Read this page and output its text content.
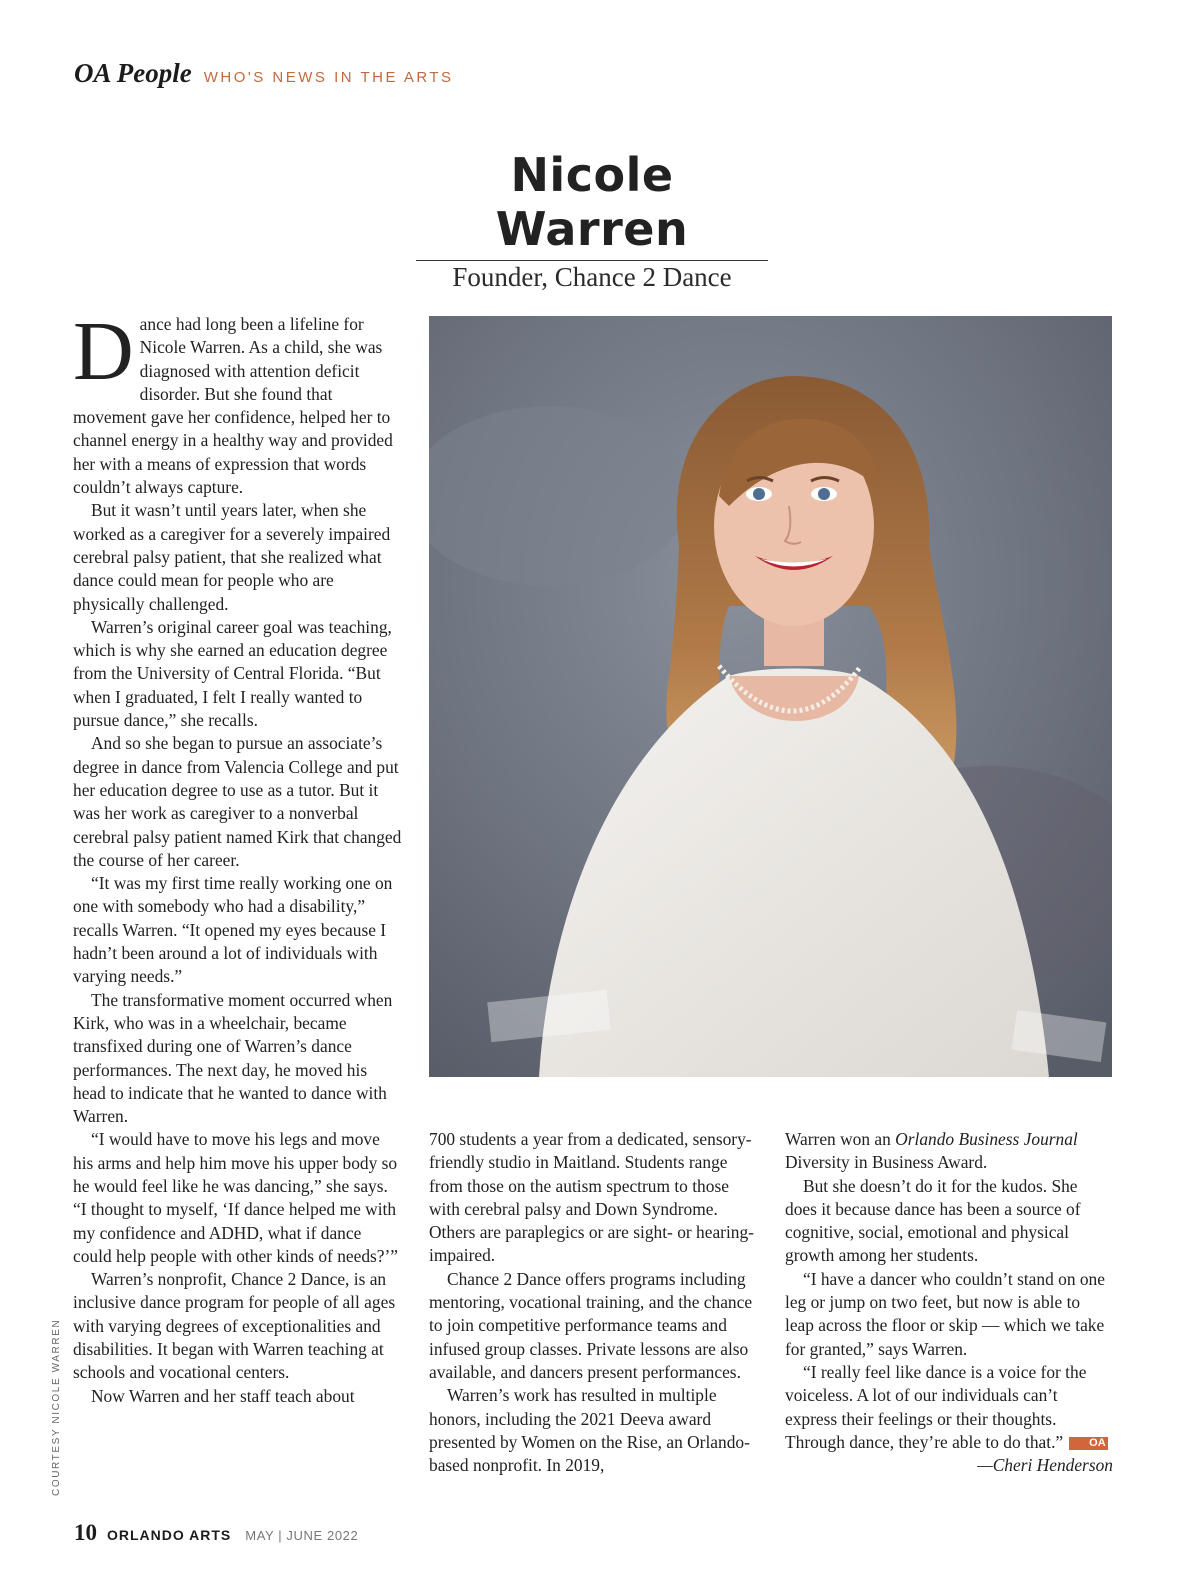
OA People WHO'S NEWS IN THE ARTS
Nicole Warren
Founder, Chance 2 Dance

Dance had long been a lifeline for Nicole Warren. As a child, she was diagnosed with attention deficit disorder. But she found that movement gave her confidence, helped her to channel energy in a healthy way and provided her with a means of expression that words couldn’t always capture.

But it wasn’t until years later, when she worked as a caregiver for a severely impaired cerebral palsy patient, that she realized what dance could mean for people who are physically challenged.

Warren’s original career goal was teaching, which is why she earned an education degree from the University of Central Florida. “But when I graduated, I felt I really wanted to pursue dance,” she recalls.

And so she began to pursue an associate’s degree in dance from Valencia College and put her education degree to use as a tutor. But it was her work as caregiver to a nonverbal cerebral palsy patient named Kirk that changed the course of her career.

“It was my first time really working one on one with somebody who had a disability,” recalls Warren. “It opened my eyes because I hadn’t been around a lot of individuals with varying needs.”

The transformative moment occurred when Kirk, who was in a wheelchair, became transfixed during one of Warren’s dance performances. The next day, he moved his head to indicate that he wanted to dance with Warren.

“I would have to move his legs and move his arms and help him move his upper body so he would feel like he was dancing,” she says. “I thought to myself, ‘If dance helped me with my confidence and ADHD, what if dance could help people with other kinds of needs?’”

Warren’s nonprofit, Chance 2 Dance, is an inclusive dance program for people of all ages with varying degrees of exceptionalities and disabilities. It began with Warren teaching at schools and vocational centers.

Now Warren and her staff teach about

700 students a year from a dedicated, sensory-friendly studio in Maitland. Students range from those on the autism spectrum to those with cerebral palsy and Down Syndrome. Others are paraplegics or are sight- or hearing-impaired.

Chance 2 Dance offers programs including mentoring, vocational training, and the chance to join competitive performance teams and infused group classes. Private lessons are also available, and dancers present performances.

Warren’s work has resulted in multiple honors, including the 2021 Deeva award presented by Women on the Rise, an Orlando-based nonprofit. In 2019,

Warren won an Orlando Business Journal Diversity in Business Award.

But she doesn’t do it for the kudos. She does it because dance has been a source of cognitive, social, emotional and physical growth among her students.

“I have a dancer who couldn’t stand on one leg or jump on two feet, but now is able to leap across the floor or skip — which we take for granted,” says Warren.

“I really feel like dance is a voice for the voiceless. A lot of our individuals can’t express their feelings or their thoughts. Through dance, they’re able to do that.” OA

—Cheri Henderson

COURTESY NICOLE WARREN
10 ORLANDO ARTS MAY | JUNE 2022
